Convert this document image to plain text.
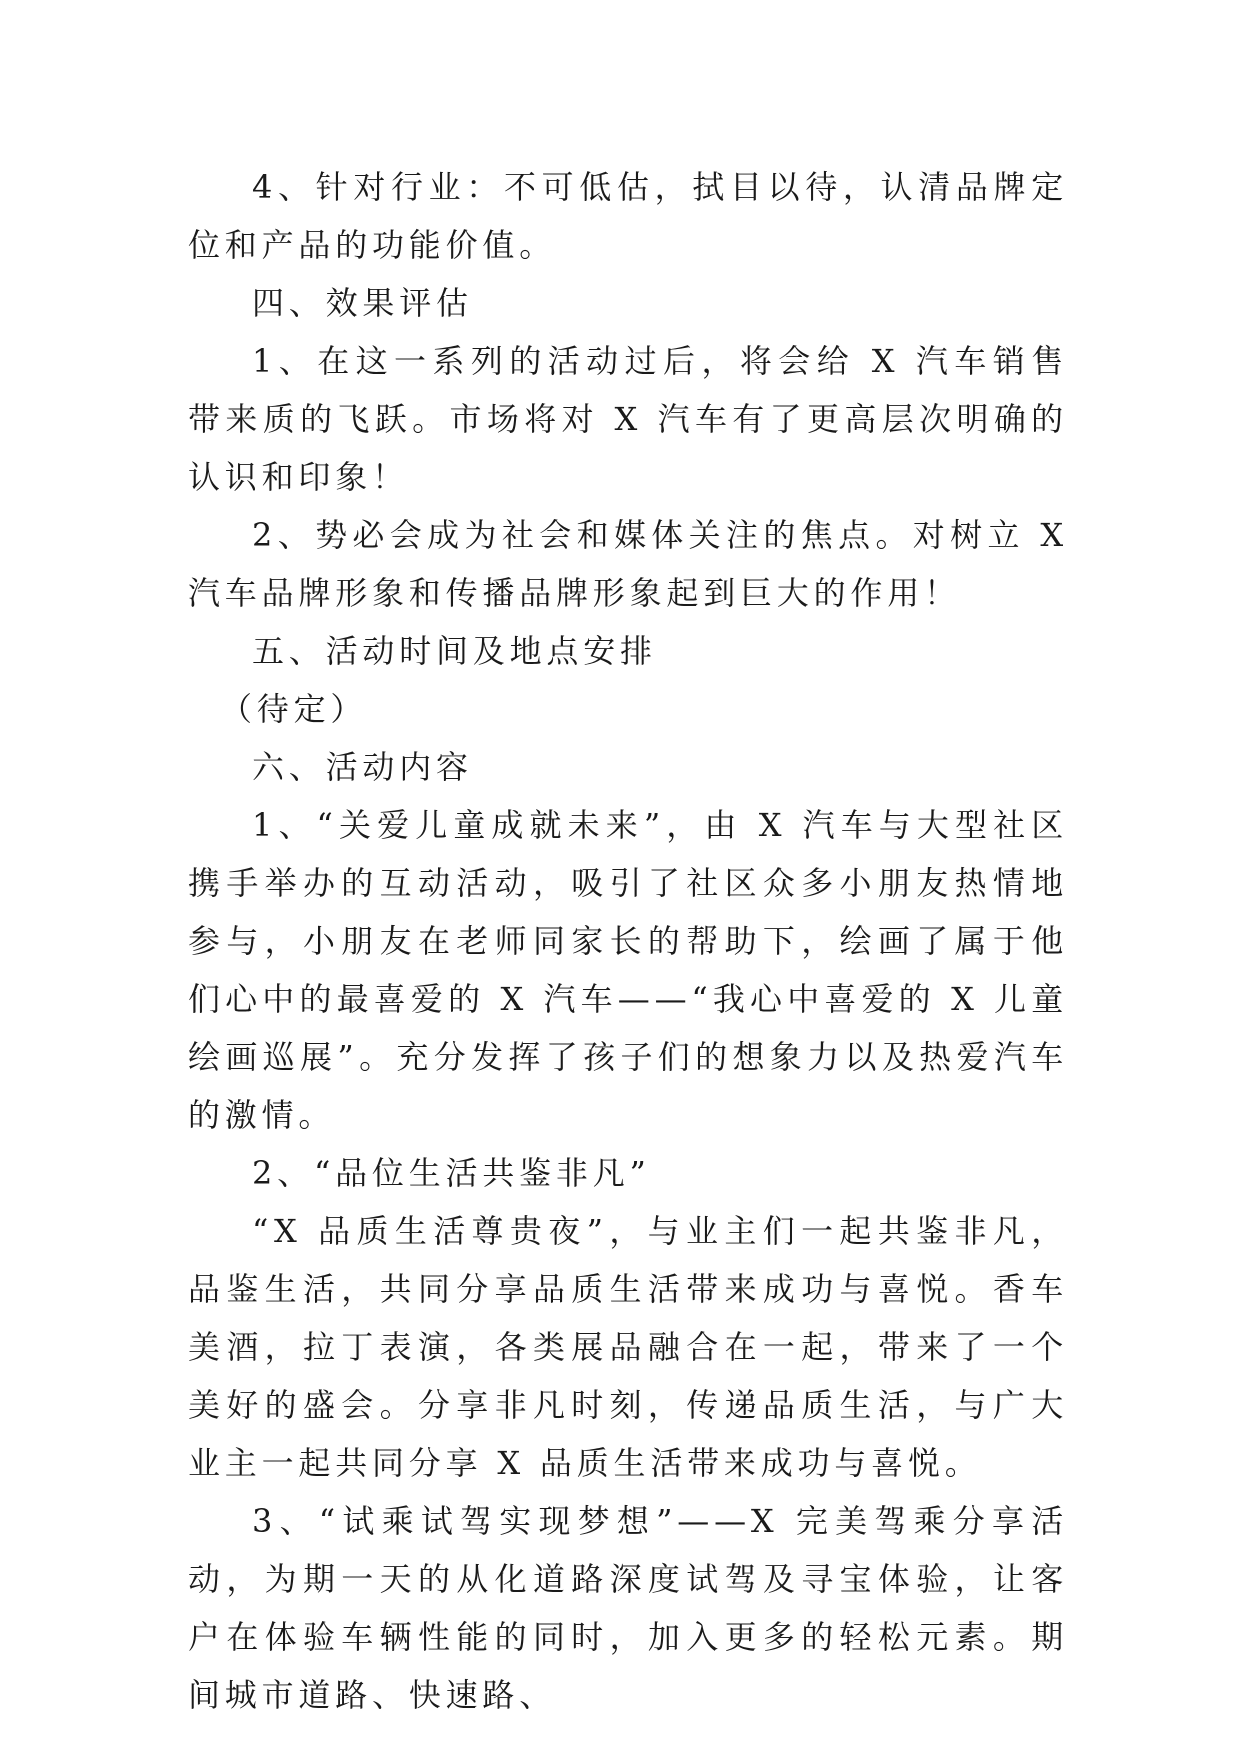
4、针对行业：不可低估，拭目以待，认清品牌定位和产品的功能价值。

四、效果评估

1、在这一系列的活动过后，将会给 X 汽车销售带来质的飞跃。市场将对 X 汽车有了更高层次明确的认识和印象！

2、势必会成为社会和媒体关注的焦点。对树立 X 汽车品牌形象和传播品牌形象起到巨大的作用！

五、活动时间及地点安排

（待定）

六、活动内容

1、“关爱儿童成就未来”，由 X 汽车与大型社区携手举办的互动活动，吸引了社区众多小朋友热情地参与，小朋友在老师同家长的帮助下，绘画了属于他们心中的最喜爱的 X 汽车——“我心中喜爱的 X 儿童绘画巡展”。充分发挥了孩子们的想象力以及热爱汽车的激情。

2、“品位生活共鉴非凡”

“X 品质生活尊贵夜”，与业主们一起共鉴非凡，品鉴生活，共同分享品质生活带来成功与喜悦。香车美酒，拉丁表演，各类展品融合在一起，带来了一个美好的盛会。分享非凡时刻，传递品质生活，与广大业主一起共同分享 X 品质生活带来成功与喜悦。

3、“试乘试驾实现梦想”——X 完美驾乘分享活动，为期一天的从化道路深度试驾及寻宝体验，让客户在体验车辆性能的同时，加入更多的轻松元素。期间城市道路、快速路、
